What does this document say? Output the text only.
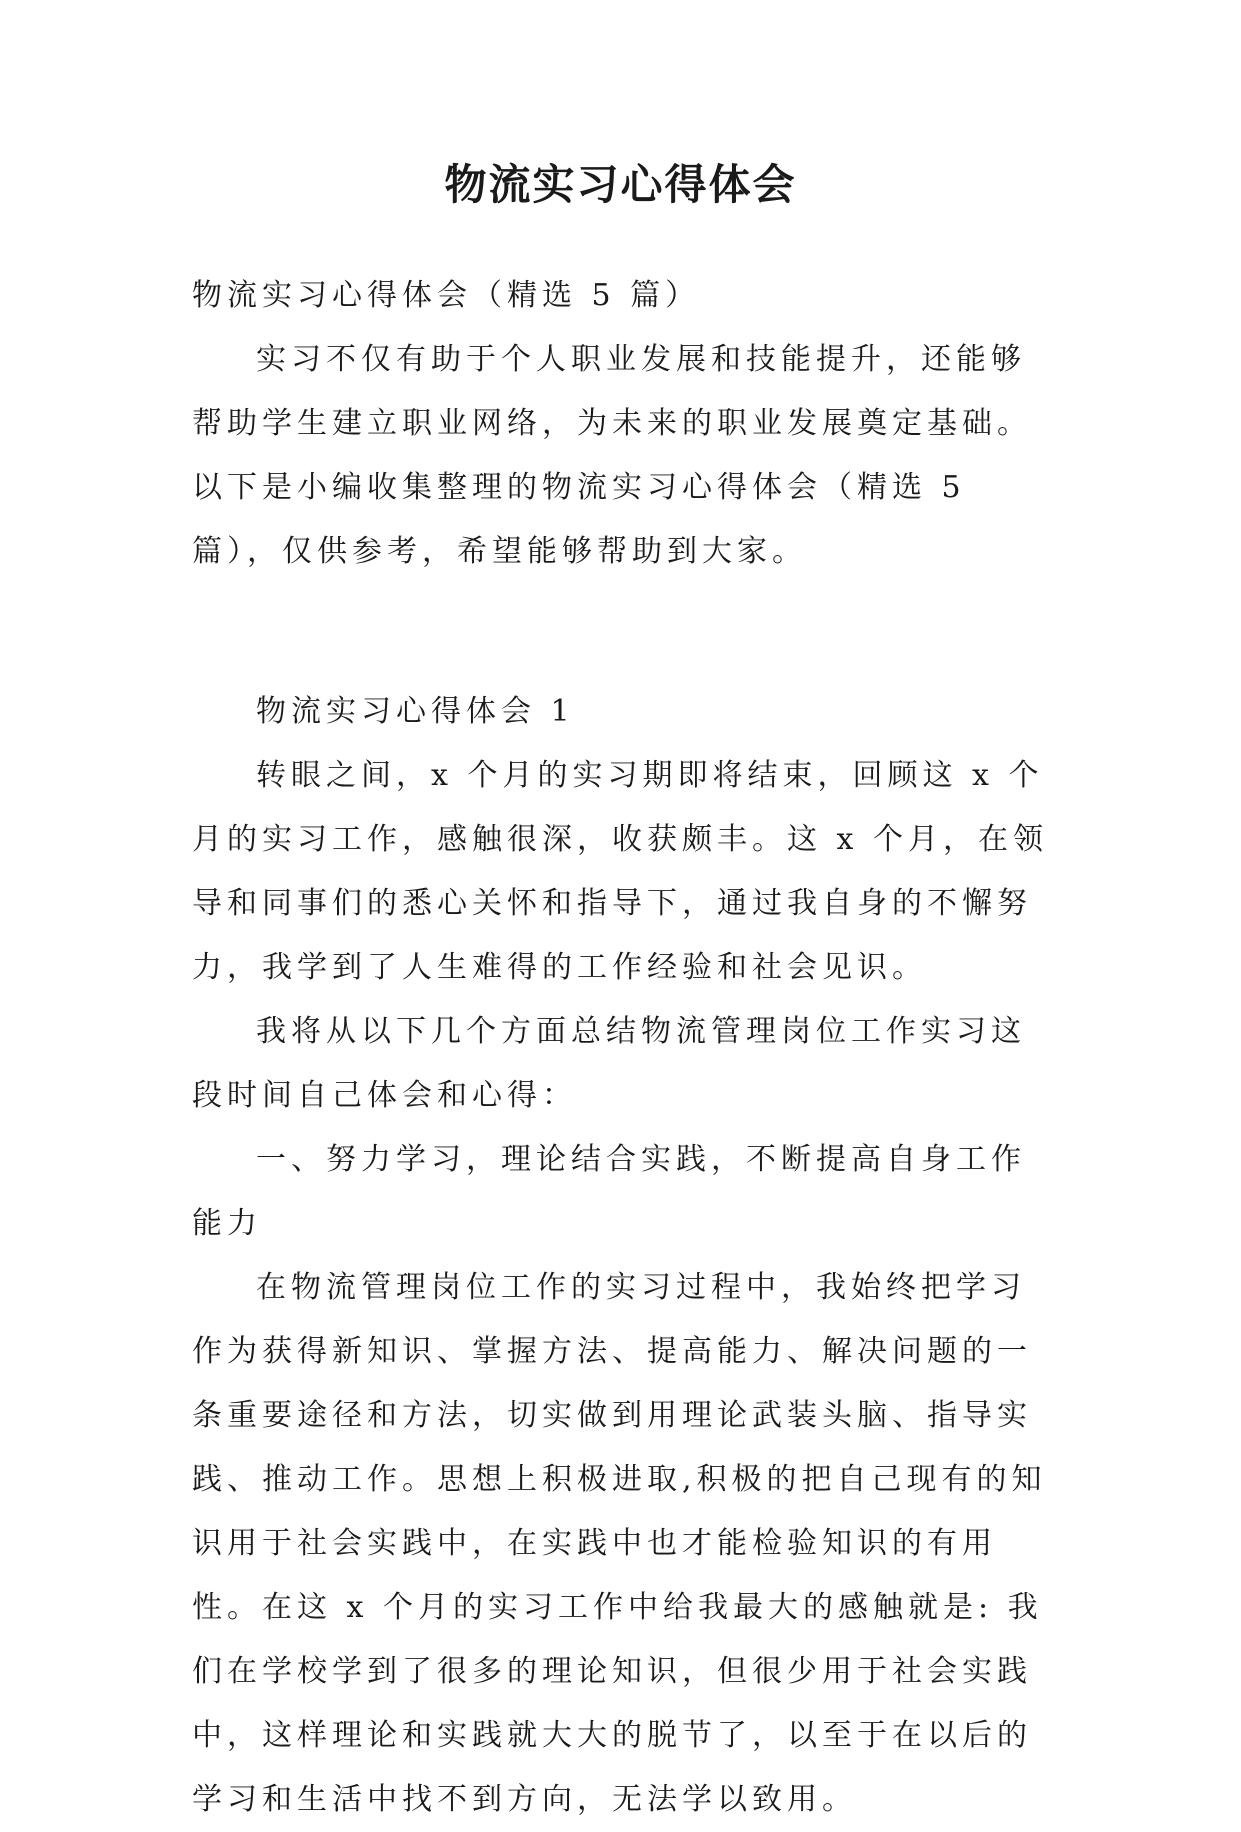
物流实习心得体会

物流实习心得体会（精选 5 篇）

实习不仅有助于个人职业发展和技能提升，还能够帮助学生建立职业网络，为未来的职业发展奠定基础。以下是小编收集整理的物流实习心得体会（精选 5 篇），仅供参考，希望能够帮助到大家。

物流实习心得体会 1

转眼之间，x 个月的实习期即将结束，回顾这 x 个月的实习工作，感触很深，收获颇丰。这 x 个月，在领导和同事们的悉心关怀和指导下，通过我自身的不懈努力，我学到了人生难得的工作经验和社会见识。

我将从以下几个方面总结物流管理岗位工作实习这段时间自己体会和心得：

一、努力学习，理论结合实践，不断提高自身工作能力

在物流管理岗位工作的实习过程中，我始终把学习作为获得新知识、掌握方法、提高能力、解决问题的一条重要途径和方法，切实做到用理论武装头脑、指导实践、推动工作。思想上积极进取,积极的把自己现有的知识用于社会实践中，在实践中也才能检验知识的有用性。在这 x 个月的实习工作中给我最大的感触就是: 我们在学校学到了很多的理论知识，但很少用于社会实践中，这样理论和实践就大大的脱节了，以至于在以后的学习和生活中找不到方向，无法学以致用。
